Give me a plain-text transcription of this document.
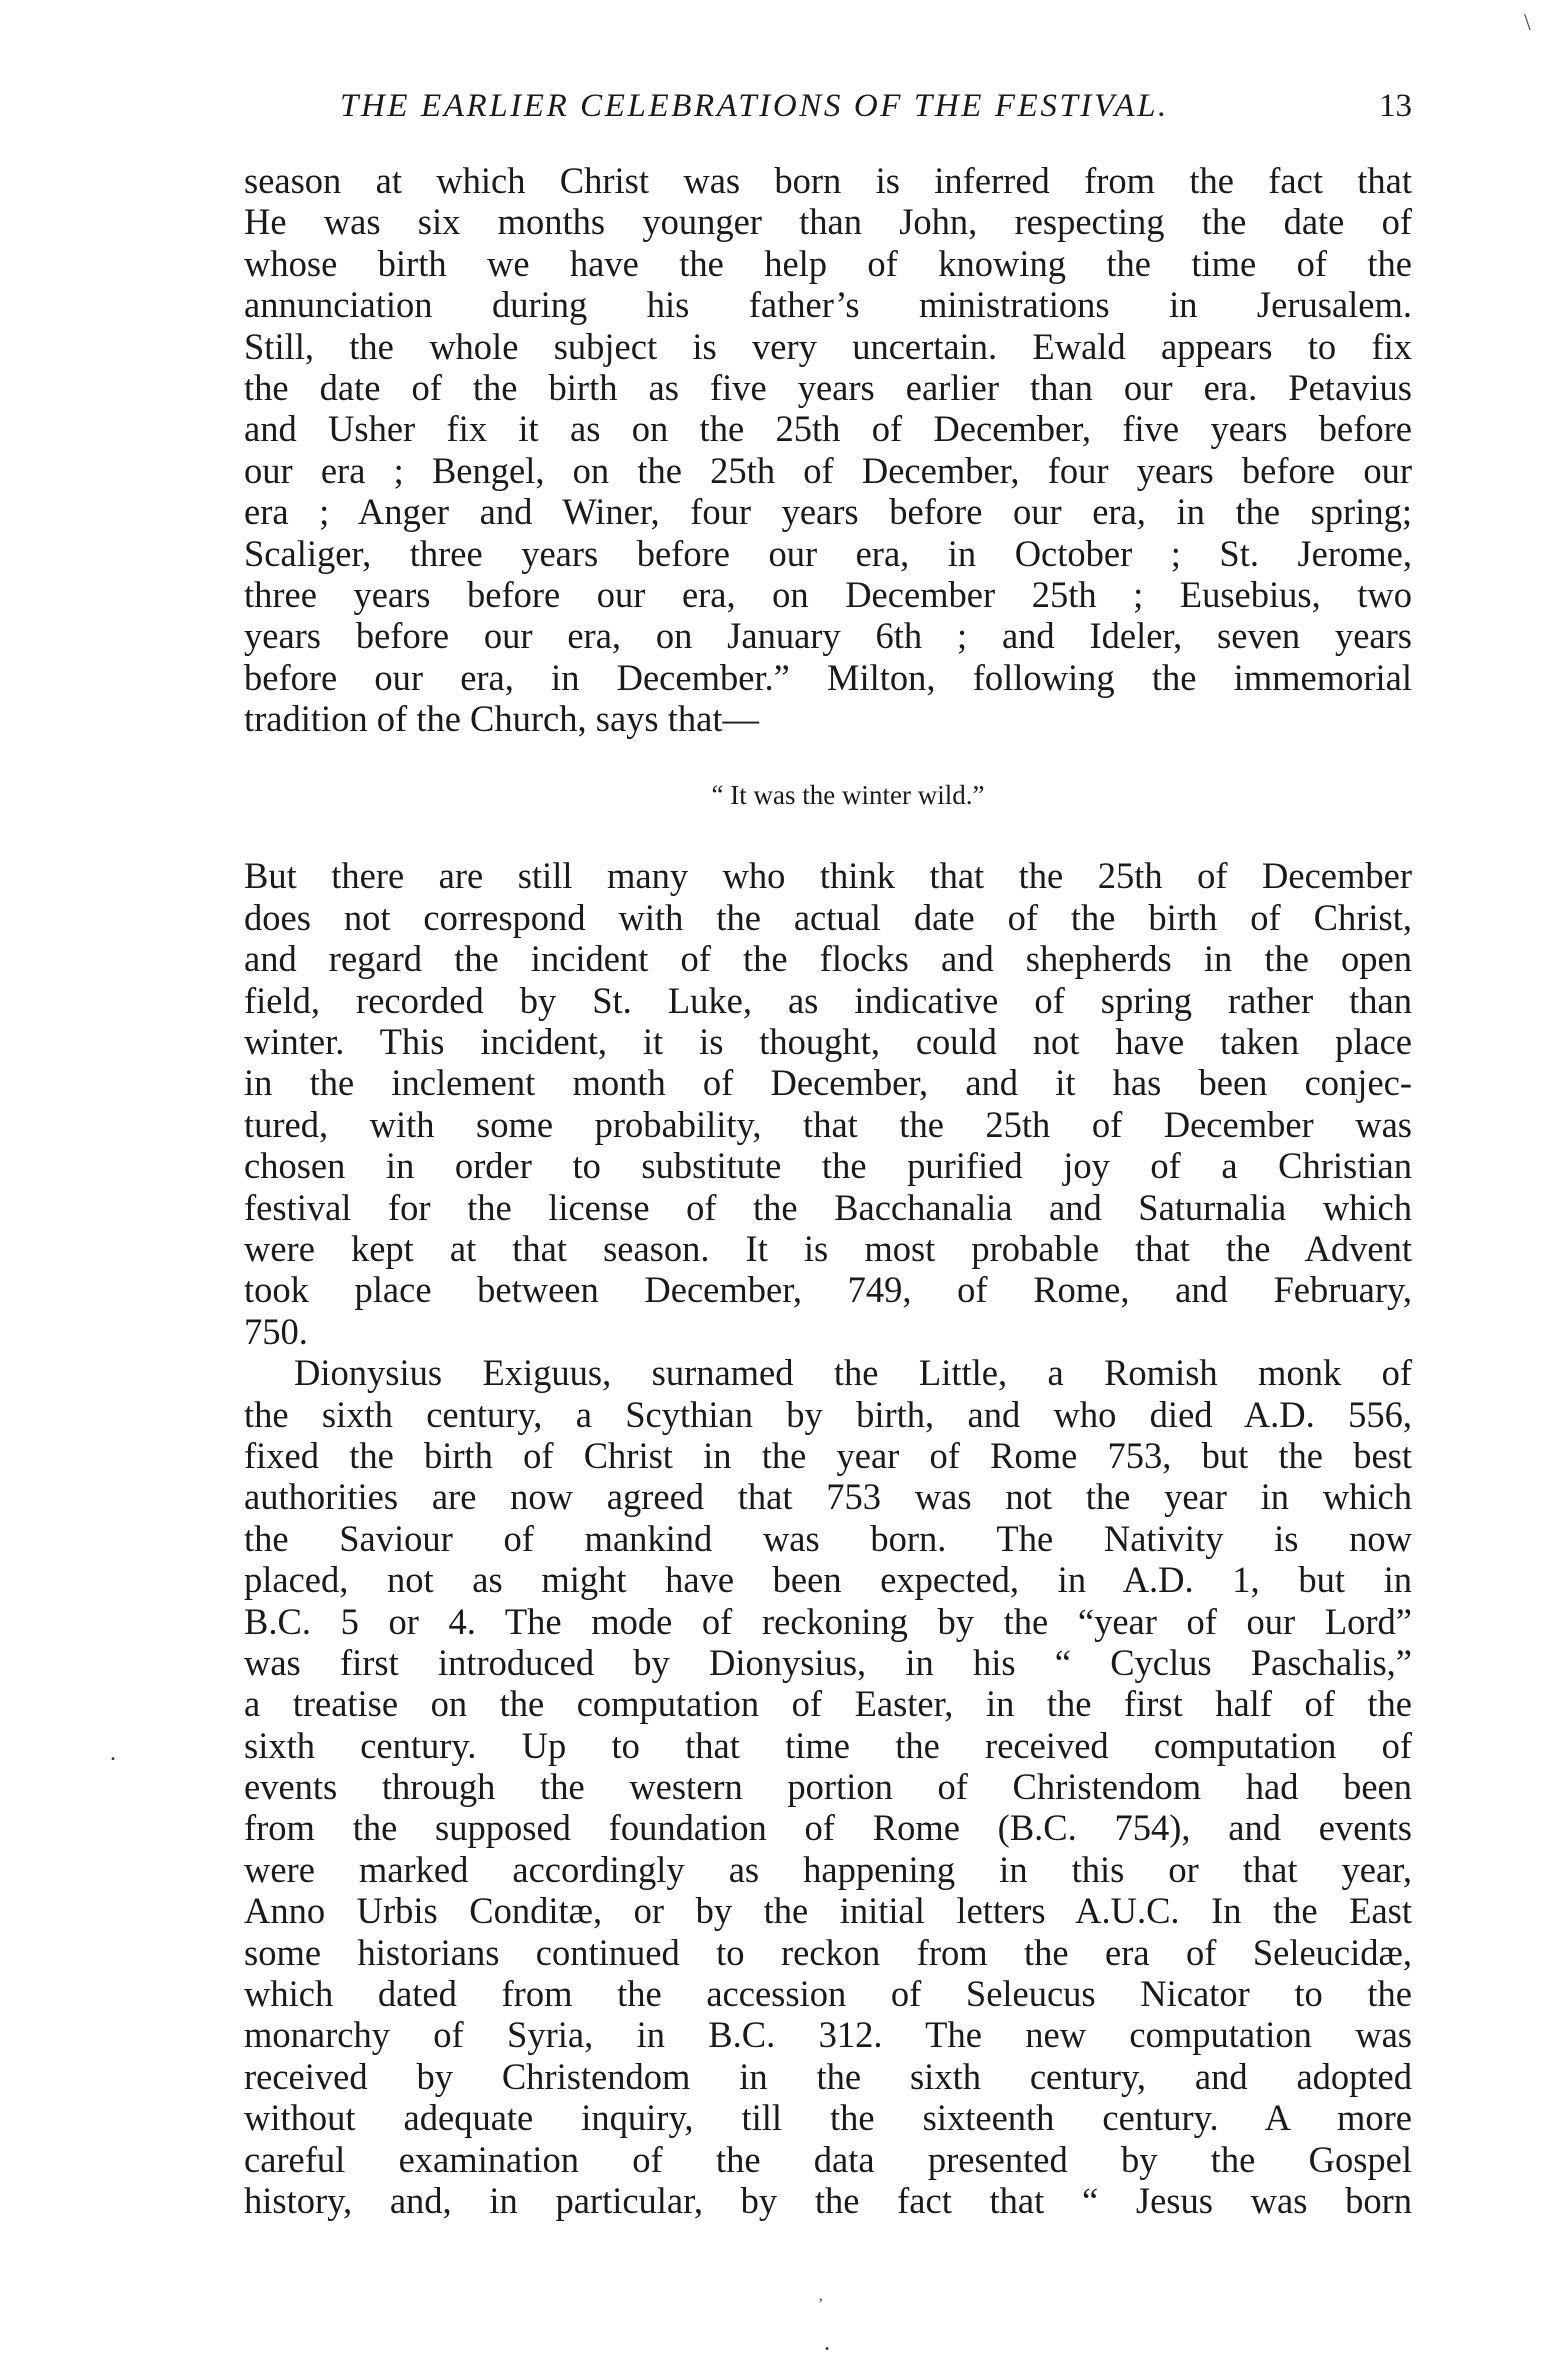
THE EARLIER CELEBRATIONS OF THE FESTIVAL.	13
\
season at which Christ was born is inferred from the fact that
He was six months younger than John, respecting the date of
whose birth we have the help of knowing the time of the
annunciation during his father’s ministrations in Jerusalem.
Still, the whole subject is very uncertain. Ewald appears to fix
the date of the birth as five years earlier than our era. Petavius
and Usher fix it as on the 25th of December, five years before
our era ; Bengel, on the 25th of December, four years before our
era ; Anger and Winer, four years before our era, in the spring;
Scaliger, three years before our era, in October ; St. Jerome,
three years before our era, on December 25th ; Eusebius, two
years before our era, on January 6th ; and Ideler, seven years
before our era, in December.” Milton, following the immemorial
tradition of the Church, says that—
“ It was the winter wild.”
But there are still many who think that the 25th of December
does not correspond with the actual date of the birth of Christ,
and regard the incident of the flocks and shepherds in the open
field, recorded by St. Luke, as indicative of spring rather than
winter. This incident, it is thought, could not have taken place
in the inclement month of December, and it has been conjec-
tured, with some probability, that the 25th of December was
chosen in order to substitute the purified joy of a Christian
festival for the license of the Bacchanalia and Saturnalia which
were kept at that season. It is most probable that the Advent
took place between December, 749, of Rome, and February,
750.
Dionysius Exiguus, surnamed the Little, a Romish monk of
the sixth century, a Scythian by birth, and who died A.D. 556,
fixed the birth of Christ in the year of Rome 753, but the best
authorities are now agreed that 753 was not the year in which
the Saviour of mankind was born. The Nativity is now
placed, not as might have been expected, in A.D. 1, but in
B.C. 5 or 4. The mode of reckoning by the “year of our Lord”
was first introduced by Dionysius, in his “ Cyclus Paschalis,”
a treatise on the computation of Easter, in the first half of the
sixth century. Up to that time the received computation of
events through the western portion of Christendom had been
from the supposed foundation of Rome (B.C. 754), and events
were marked accordingly as happening in this or that year,
Anno Urbis Conditæ, or by the initial letters A.U.C. In the East
some historians continued to reckon from the era of Seleucidæ,
which dated from the accession of Seleucus Nicator to the
monarchy of Syria, in B.C. 312. The new computation was
received by Christendom in the sixth century, and adopted
without adequate inquiry, till the sixteenth century. A more
careful examination of the data presented by the Gospel
history, and, in particular, by the fact that “ Jesus was born
.
.
’
